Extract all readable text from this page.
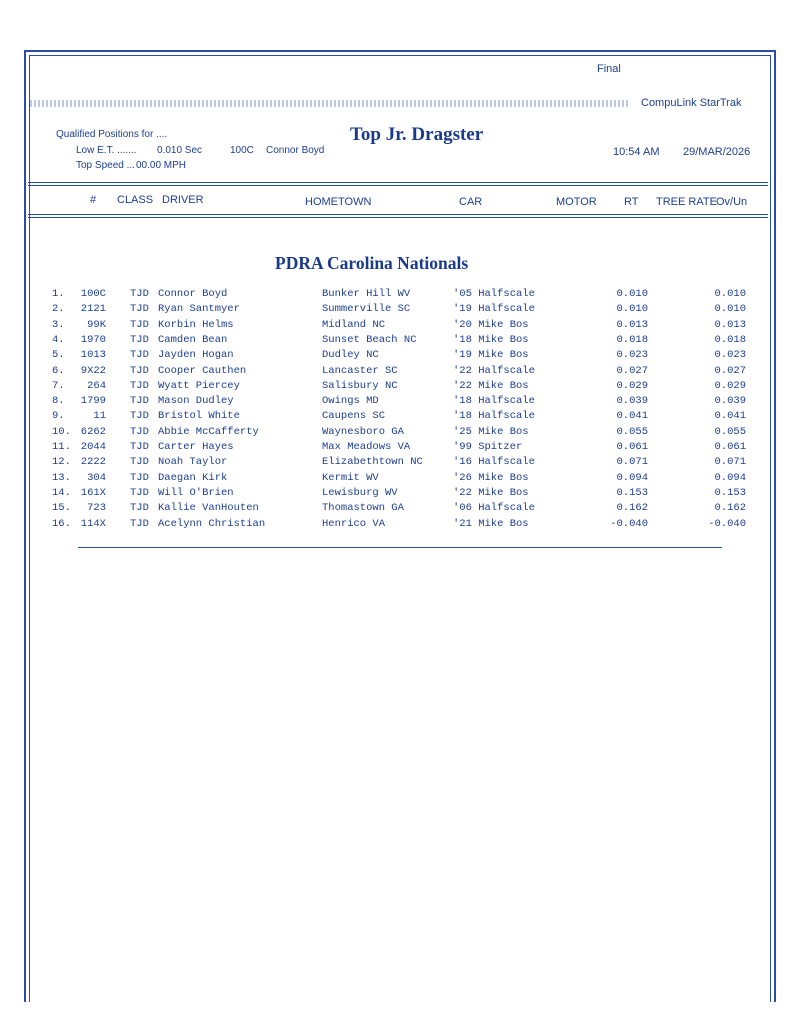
Final
CompuLink StarTrak
Qualified Positions for ....	Top Jr. Dragster
Low E.T. ....... 0.010 Sec	100C Connor Boyd
Top Speed ... 00.00 MPH
10:54 AM 29/MAR/2026
# CLASS DRIVER	HOMETOWN	CAR	MOTOR RT TREE RATE Ov/Un
PDRA Carolina Nationals
1.	100C TJD Connor Boyd	Bunker Hill WV	'05 Halfscale	0.010	0.010
2.	2121 TJD Ryan Santmyer	Summerville SC	'19 Halfscale	0.010	0.010
3.	99K TJD Korbin Helms	Midland NC	'20 Mike Bos	0.013	0.013
4.	1970 TJD Camden Bean	Sunset Beach NC	'18 Mike Bos	0.018	0.018
5.	1013 TJD Jayden Hogan	Dudley NC	'19 Mike Bos	0.023	0.023
6.	9X22 TJD Cooper Cauthen	Lancaster SC	'22 Halfscale	0.027	0.027
7.	264 TJD Wyatt Piercey	Salisbury NC	'22 Mike Bos	0.029	0.029
8.	1799 TJD Mason Dudley	Owings MD	'18 Halfscale	0.039	0.039
9.	11 TJD Bristol White	Caupens SC	'18 Halfscale	0.041	0.041
10. 6262 TJD Abbie McCafferty	Waynesboro GA	'25 Mike Bos	0.055	0.055
11. 2044 TJD Carter Hayes	Max Meadows VA	'99 Spitzer	0.061	0.061
12. 2222 TJD Noah Taylor	Elizabethtown NC	'16 Halfscale	0.071	0.071
13.	304 TJD Daegan Kirk	Kermit WV	'26 Mike Bos	0.094	0.094
14. 161X TJD Will O'Brien	Lewisburg WV	'22 Mike Bos	0.153	0.153
15.	723 TJD Kallie VanHouten	Thomastown GA	'06 Halfscale	0.162	0.162
16. 114X TJD Acelynn Christian	Henrico VA	'21 Mike Bos	-0.040	-0.040
